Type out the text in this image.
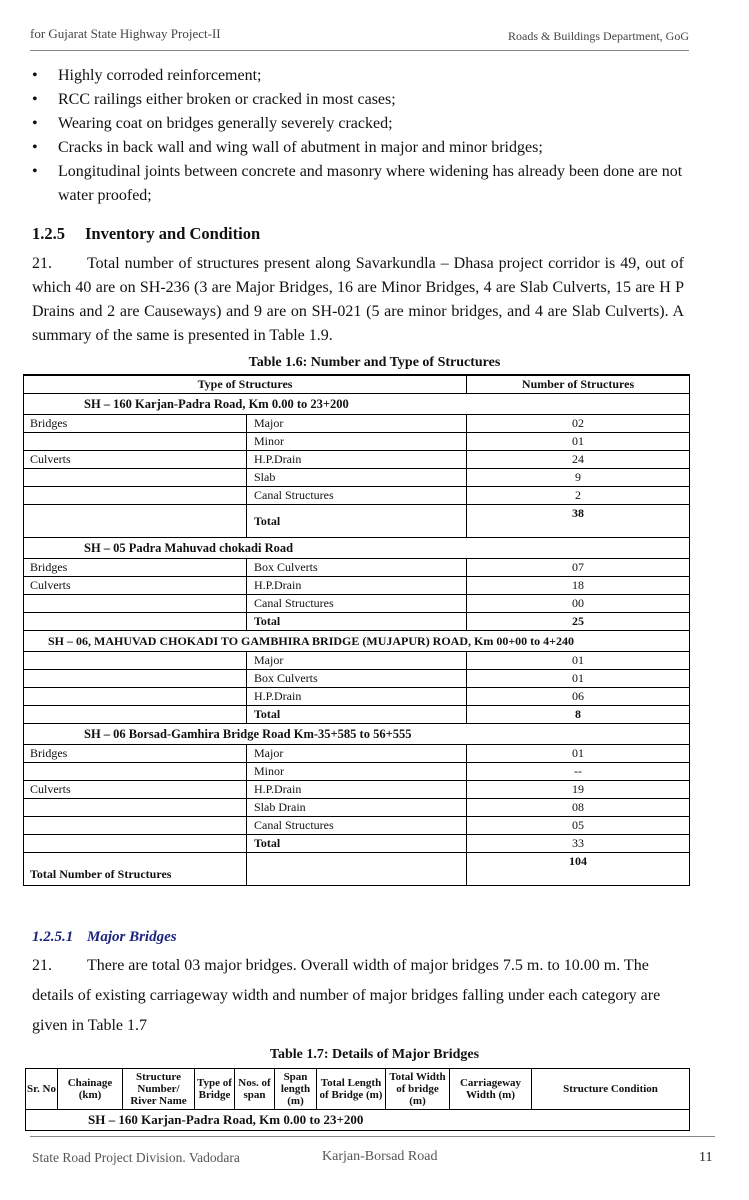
for Gujarat State Highway Project-II	Roads & Buildings Department, GoG
• Highly corroded reinforcement;
• RCC railings either broken or cracked in most cases;
• Wearing coat on bridges generally severely cracked;
• Cracks in back wall and wing wall of abutment in major and minor bridges;
• Longitudinal joints between concrete and masonry where widening has already been done are not water proofed;
1.2.5 Inventory and Condition

21. Total number of structures present along Savarkundla – Dhasa project corridor is 49, out of which 40 are on SH-236 (3 are Major Bridges, 16 are Minor Bridges, 4 are Slab Culverts, 15 are H P Drains and 2 are Causeways) and 9 are on SH-021 (5 are minor bridges, and 4 are Slab Culverts). A summary of the same is presented in Table 1.9.

Table 1.6: Number and Type of Structures
Type of Structures		Number of Structures
SH – 160 Karjan-Padra Road, Km 0.00 to 23+200		
Bridges	Major	02
	Minor	01
Culverts	H.P.Drain	24
	Slab	9
	Canal Structures	2
	Total	38
SH – 05 Padra Mahuvad chokadi Road		
Bridges	Box Culverts	07
Culverts	H.P.Drain	18
	Canal Structures	00
	Total	25
SH – 06, MAHUVAD CHOKADI TO GAMBHIRA BRIDGE (MUJAPUR) ROAD, Km 00+00 to 4+240		
	Major	01
	Box Culverts	01
	H.P.Drain	06
	Total	8
SH – 06 Borsad-Gamhira Bridge Road Km-35+585 to 56+555		
Bridges	Major	01
	Minor	--
Culverts	H.P.Drain	19
	Slab Drain	08
	Canal Structures	05
	Total	33
Total Number of Structures		104
1.2.5.1 Major Bridges

21. There are total 03 major bridges. Overall width of major bridges 7.5 m. to 10.00 m. The details of existing carriageway width and number of major bridges falling under each category are given in Table 1.7

Table 1.7: Details of Major Bridges
Sr. No	Chainage (km)	Structure Number/ River Name	Type of Bridge	Nos. of span	Span length (m)	Total Length of Bridge (m)	Total Width of bridge (m)	Carriageway Width (m)	Structure Condition
SH – 160 Karjan-Padra Road, Km 0.00 to 23+200
State Road Project Division. Vadodara	Karjan-Borsad Road	11
